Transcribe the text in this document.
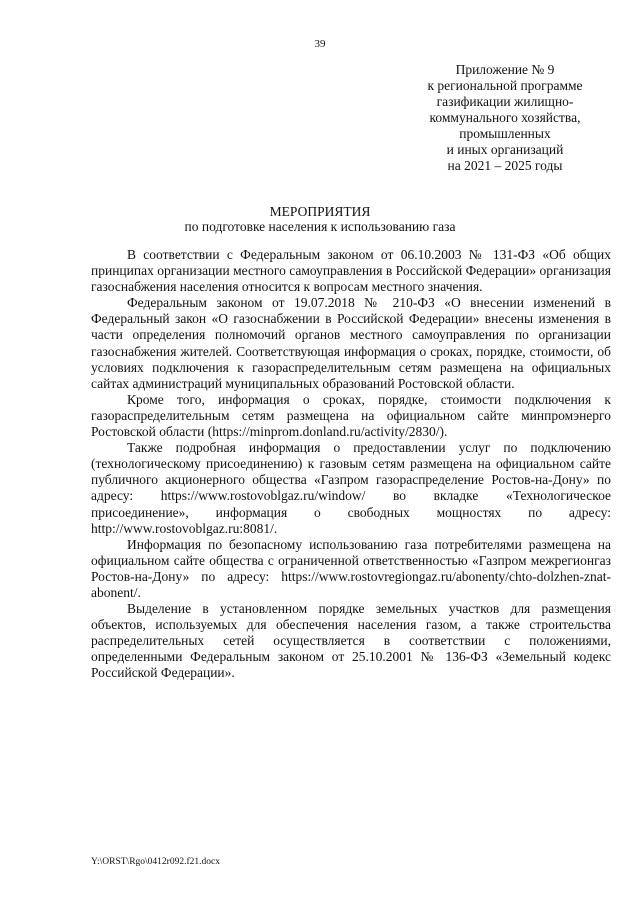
39
Приложение № 9
к региональной программе
газификации жилищно-
коммунального хозяйства,
промышленных
и иных организаций
на 2021 – 2025 годы
МЕРОПРИЯТИЯ
по подготовке населения к использованию газа

В соответствии с Федеральным законом от 06.10.2003 № 131-ФЗ «Об общих принципах организации местного самоуправления в Российской Федерации» организация газоснабжения населения относится к вопросам местного значения.

Федеральным законом от 19.07.2018 № 210-ФЗ «О внесении изменений в Федеральный закон «О газоснабжении в Российской Федерации» внесены изменения в части определения полномочий органов местного самоуправления по организации газоснабжения жителей. Соответствующая информация о сроках, порядке, стоимости, об условиях подключения к газораспределительным сетям размещена на официальных сайтах администраций муниципальных образований Ростовской области.

Кроме того, информация о сроках, порядке, стоимости подключения к газораспределительным сетям размещена на официальном сайте минпромэнерго Ростовской области (https://minprom.donland.ru/activity/2830/).

Также подробная информация о предоставлении услуг по подключению (технологическому присоединению) к газовым сетям размещена на официальном сайте публичного акционерного общества «Газпром газораспределение Ростов-на-Дону» по адресу: https://www.rostovoblgaz.ru/window/ во вкладке «Технологическое присоединение», информация о свободных мощностях по адресу: http://www.rostovoblgaz.ru:8081/.

Информация по безопасному использованию газа потребителями размещена на официальном сайте общества с ограниченной ответственностью «Газпром межрегионгаз Ростов-на-Дону» по адресу: https://www.rostovregiongaz.ru/abonenty/chto-dolzhen-znat-abonent/.

Выделение в установленном порядке земельных участков для размещения объектов, используемых для обеспечения населения газом, а также строительства распределительных сетей осуществляется в соответствии с положениями, определенными Федеральным законом от 25.10.2001 № 136-ФЗ «Земельный кодекс Российской Федерации».

Y:\ORST\Rgo\0412r092.f21.docx
